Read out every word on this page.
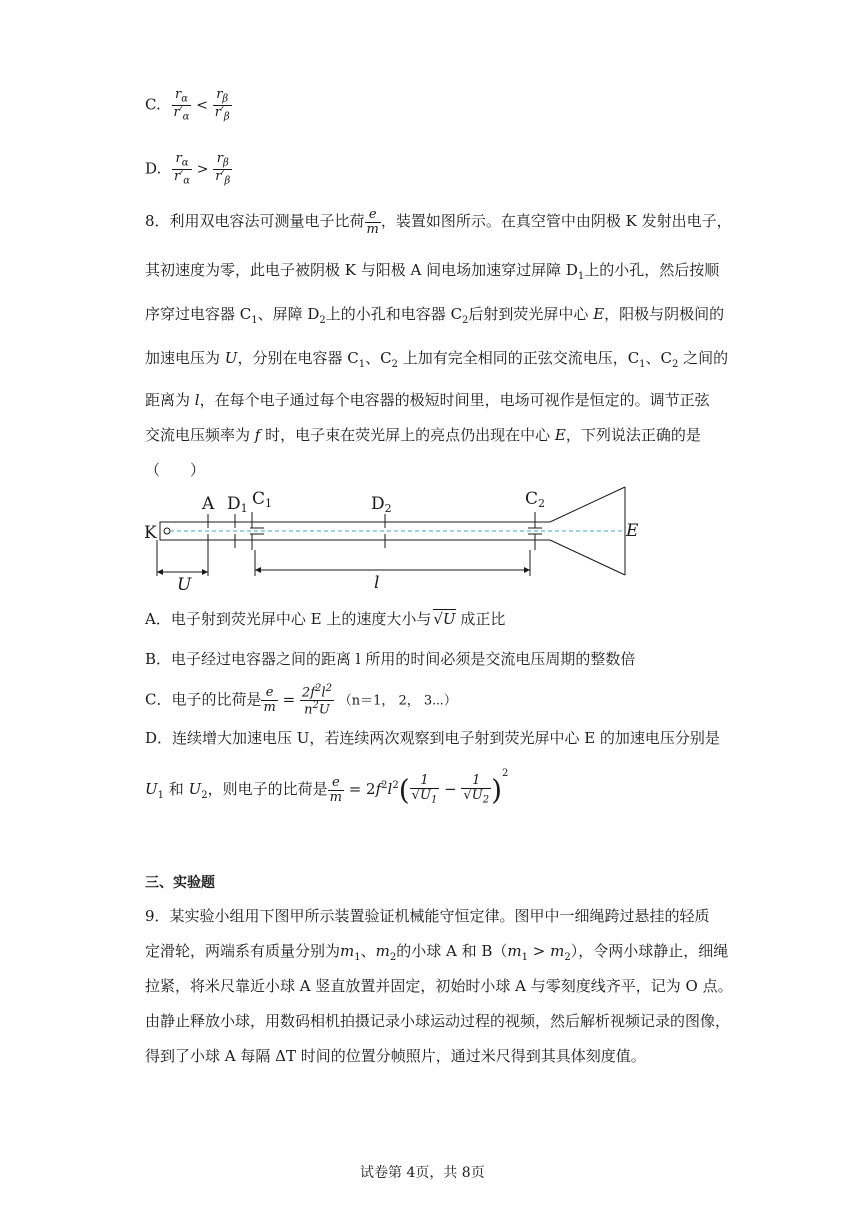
C. $\frac{r_\alpha}{r'_\alpha} < \frac{r_\beta}{r'_\beta}$
D. $\frac{r_\alpha}{r'_\alpha} > \frac{r_\beta}{r'_\beta}$
8．利用双电容法可测量电子比荷 $\frac{e}{m}$ ，装置如图所示。在真空管中由阴极 K 发射出电子，
其初速度为零，此电子被阴极 K 与阳极 A 间电场加速穿过屏障 $D_1$上的小孔，然后按顺
序穿过电容器 $C_1$、屏障 $D_2$上的小孔和电容器 $C_2$后射到荧光屏中心 E，阳极与阴极间的
加速电压为 U，分别在电容器 $C_1$、$C_2$ 上加有完全相同的正弦交流电压，$C_1$、$C_2$ 之间的
距离为 l，在每个电子通过每个电容器的极短时间里，电场可视作是恒定的。调节正弦
交流电压频率为 f 时，电子束在荧光屏上的亮点仍出现在中心 E，下列说法正确的是
（　　）
K
A D1 C1	D2	C2
E
U	l
A．电子射到荧光屏中心 E 上的速度大小与 √U 成正比
B．电子经过电容器之间的距离 l 所用的时间必须是交流电压周期的整数倍
C．电子的比荷是 $\frac{e}{m} = \frac{2f^2l^2}{n^2U} (n=1$， 2， 3⋯）
D．连续增大加速电压 U，若连续两次观察到电子射到荧光屏中心 E 的加速电压分别是
$U_1$ 和 $U_2$，则电子的比荷是 $\frac{e}{m} = 2f^2l^2( \frac{1}{√U_1} - \frac{1}{√U_2} )^2$
三、实验题
9．某实验小组用下图甲所示装置验证机械能守恒定律。图甲中一细绳跨过悬挂的轻质
定滑轮，两端系有质量分别为$m_1$、$m_2$的小球 A 和 $B(m_1 > m_2)$，令两小球静止，细绳
拉紧，将米尺靠近小球 A 竖直放置并固定，初始时小球 A 与零刻度线齐平，记为 O 点。
由静止释放小球，用数码相机拍摄记录小球运动过程的视频，然后解析视频记录的图像，
得到了小球 A 每隔 ΔT 时间的位置分帧照片，通过米尺得到其具体刻度值。
试卷第 4页，共 8页
